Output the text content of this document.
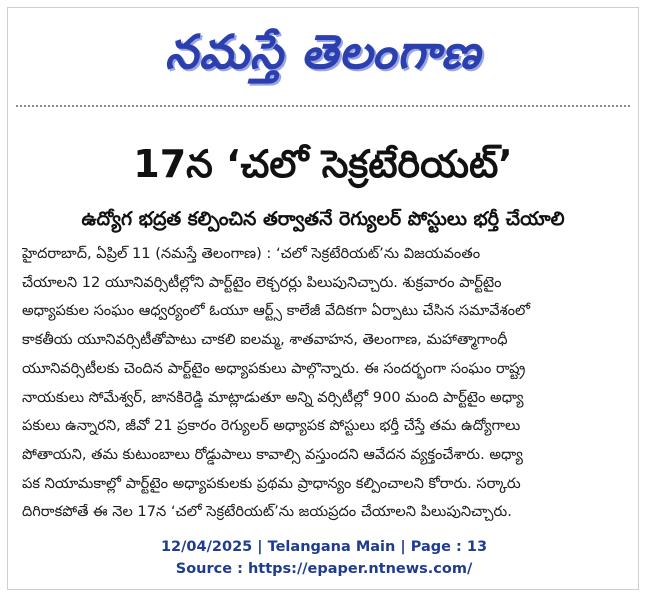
నమస్తే తెలంగాణ
17న ‘చలో సెక్రటేరియట్’
ఉద్యోగ భద్రత కల్పించిన తర్వాతనే రెగ్యులర్ పోస్టులు భర్తీ చేయాలి

హైదరాబాద్, ఏప్రిల్ 11 (నమస్తే తెలంగాణ) : ‘చలో సెక్రటేరియట్’ను విజయవంతం

చేయాలని 12 యూనివర్సిటీల్లోని పార్ట్‌టైం లెక్చరర్లు పిలుపునిచ్చారు. శుక్రవారం పార్ట్‌టైం

అధ్యాపకుల సంఘం ఆధ్వర్యంలో ఓయూ ఆర్ట్స్ కాలేజీ వేదికగా ఏర్పాటు చేసిన సమావేశంలో

కాకతీయ యూనివర్సిటీతోపాటు చాకలి ఐలమ్మ, శాతవాహన, తెలంగాణ, మహాత్మాగాంధీ

యూనివర్సిటీలకు చెందిన పార్ట్‌టైం అధ్యాపకులు పాల్గొన్నారు. ఈ సందర్భంగా సంఘం రాష్ట్ర

నాయకులు సోమేశ్వర్, జానకిరెడ్డి మాట్లాడుతూ అన్ని వర్సిటీల్లో 900 మంది పార్ట్‌టైం అధ్యా

పకులు ఉన్నారని, జీవో 21 ప్రకారం రెగ్యులర్ అధ్యాపక పోస్టులు భర్తీ చేస్తే తమ ఉద్యోగాలు

పోతాయని, తమ కుటుంబాలు రోడ్డుపాలు కావాల్సి వస్తుందని ఆవేదన వ్యక్తంచేశారు. అధ్యా

పక నియామకాల్లో పార్ట్‌టైం అధ్యాపకులకు ప్రథమ ప్రాధాన్యం కల్పించాలని కోరారు. సర్కారు

దిగిరాకపోతే ఈ నెల 17న ‘చలో సెక్రటేరియట్’ను జయప్రదం చేయాలని పిలుపునిచ్చారు.

12/04/2025 | Telangana Main | Page : 13
Source : https://epaper.ntnews.com/
